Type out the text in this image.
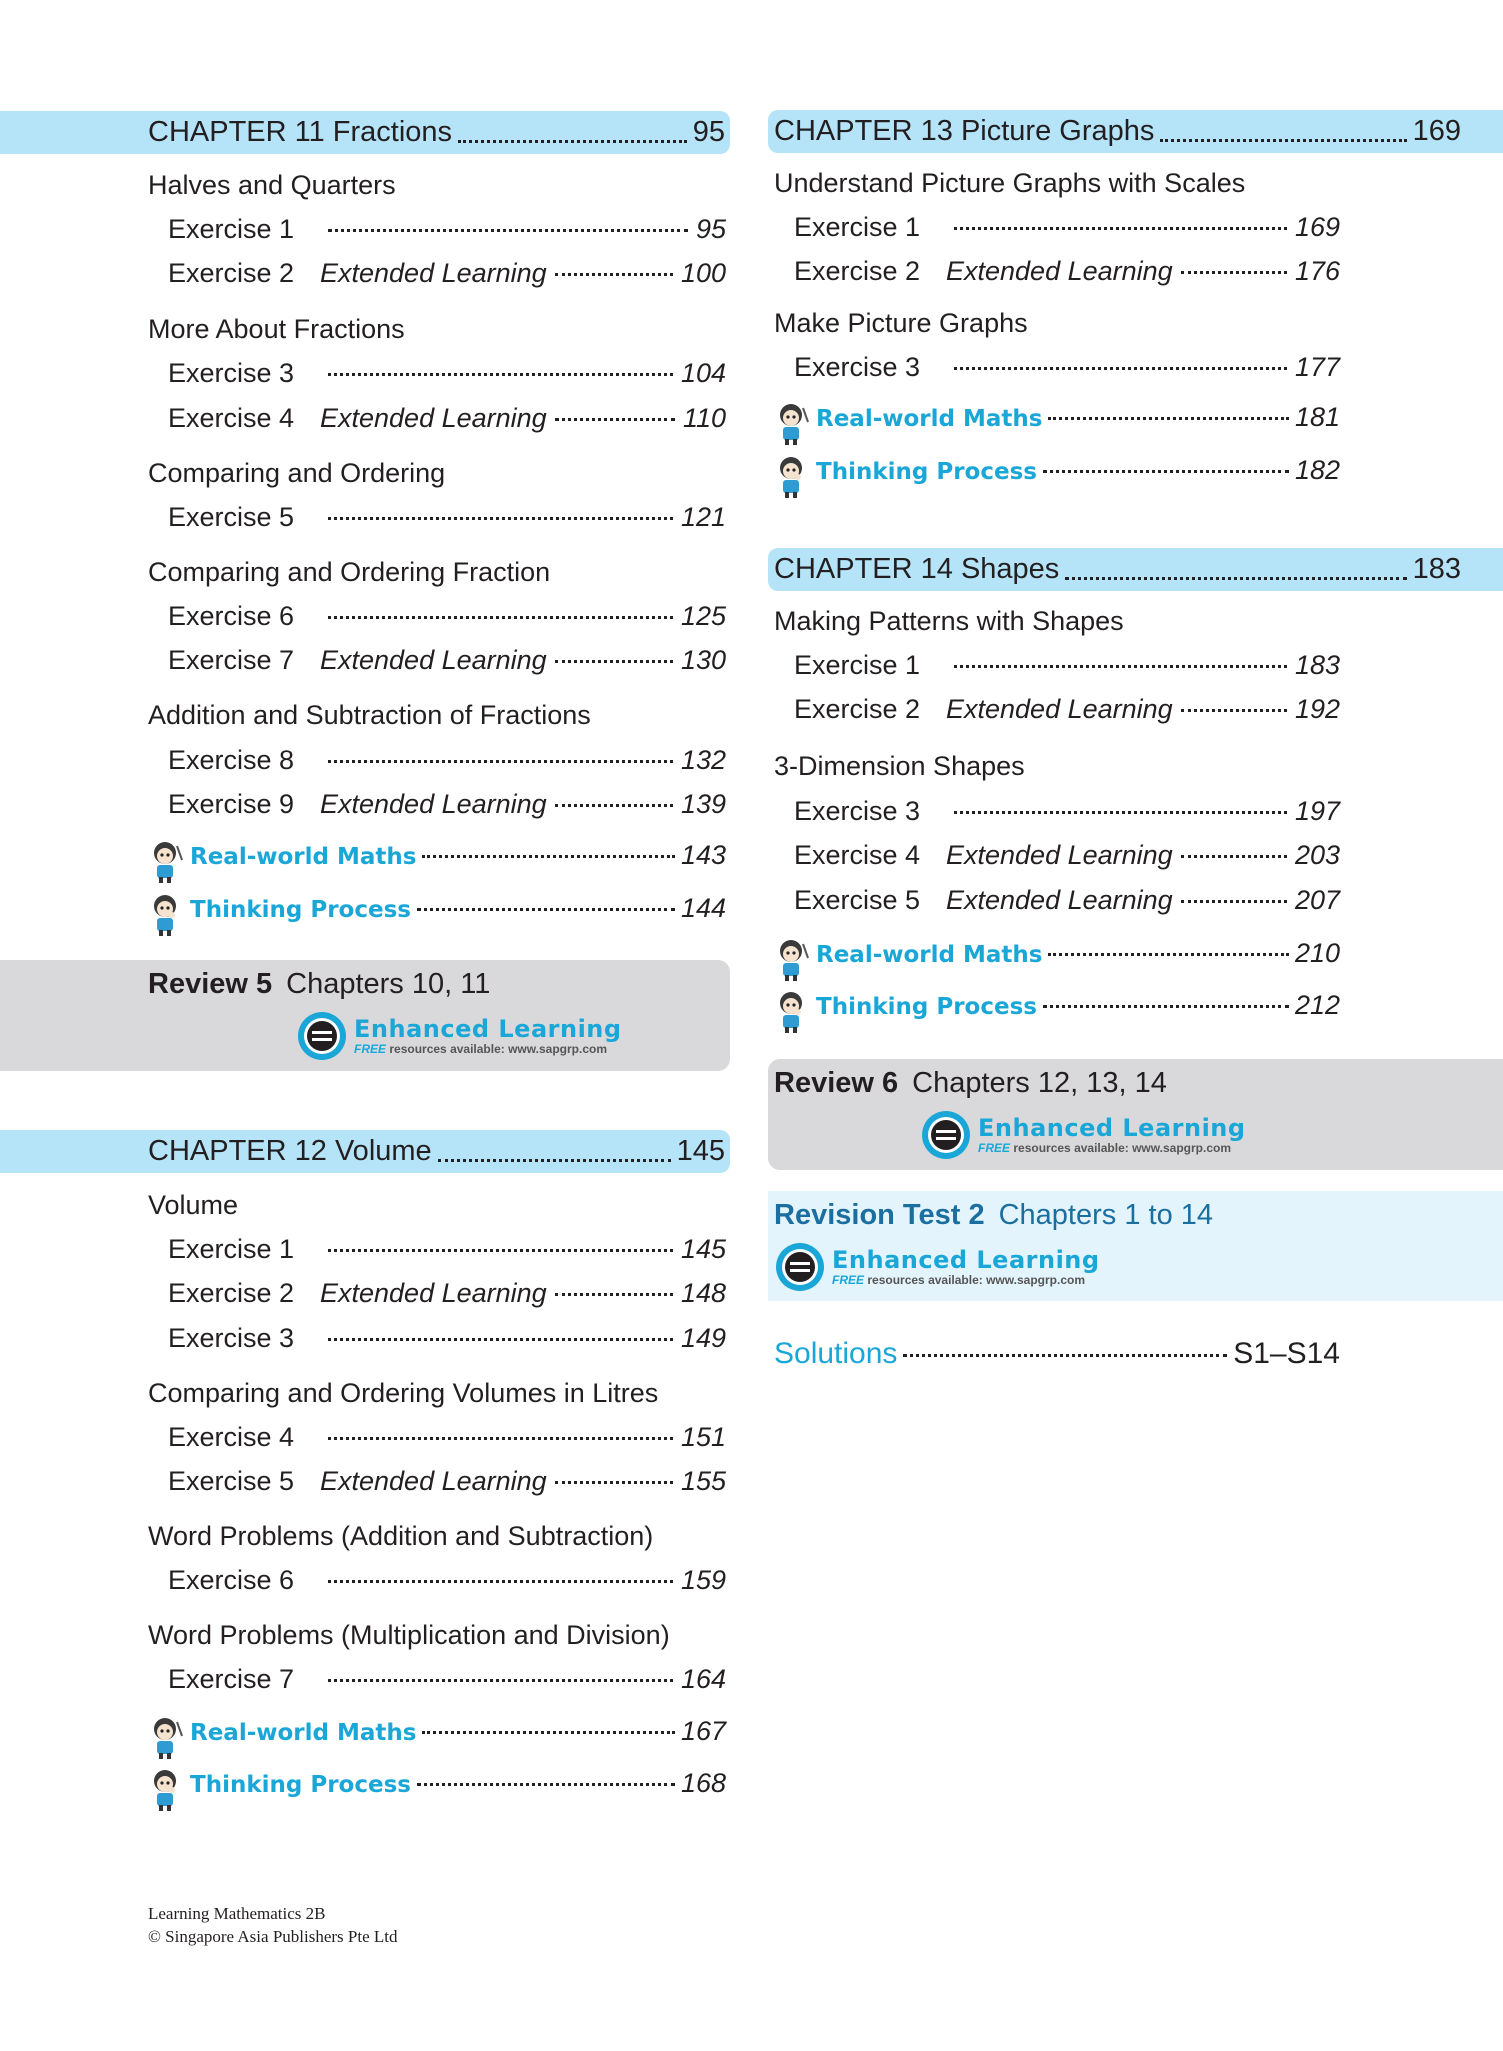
CHAPTER 11 Fractions	95
Halves and Quarters
Exercise 1	95
Exercise 2 Extended Learning	100
More About Fractions
Exercise 3	104
Exercise 4 Extended Learning	110
Comparing and Ordering
Exercise 5	121
Comparing and Ordering Fraction
Exercise 6	125
Exercise 7 Extended Learning	130
Addition and Subtraction of Fractions
Exercise 8	132
Exercise 9 Extended Learning	139
Real-world Maths	143
Thinking Process	144
Review 5 Chapters 10, 11
Enhanced Learning
FREE resources available: www.sapgrp.com
CHAPTER 12 Volume	145
Volume
Exercise 1	145
Exercise 2 Extended Learning	148
Exercise 3	149
Comparing and Ordering Volumes in Litres
Exercise 4	151
Exercise 5 Extended Learning	155
Word Problems (Addition and Subtraction)
Exercise 6	159
Word Problems (Multiplication and Division)
Exercise 7	164
Real-world Maths	167
Thinking Process	168
CHAPTER 13 Picture Graphs	169
Understand Picture Graphs with Scales
Exercise 1	169
Exercise 2 Extended Learning	176
Make Picture Graphs
Exercise 3	177
Real-world Maths	181
Thinking Process	182
CHAPTER 14 Shapes	183
Making Patterns with Shapes
Exercise 1	183
Exercise 2 Extended Learning	192
3-Dimension Shapes
Exercise 3	197
Exercise 4 Extended Learning	203
Exercise 5 Extended Learning	207
Real-world Maths	210
Thinking Process	212
Review 6 Chapters 12, 13, 14
Enhanced Learning
FREE resources available: www.sapgrp.com
Revision Test 2 Chapters 1 to 14
Enhanced Learning
FREE resources available: www.sapgrp.com
Solutions	S1–S14
Learning Mathematics 2B
© Singapore Asia Publishers Pte Ltd
